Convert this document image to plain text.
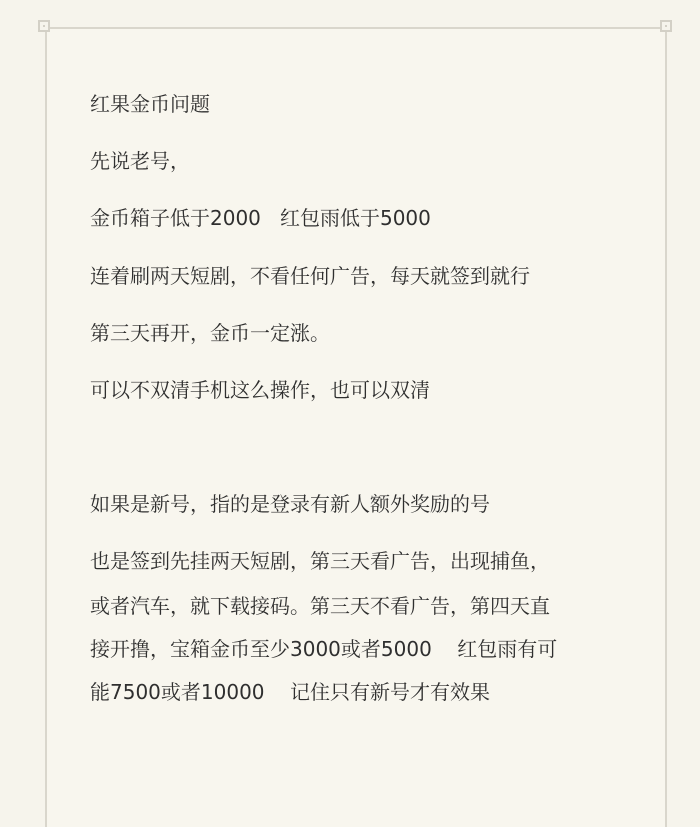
红果金币问题
先说老号，
金币箱子低于2000   红包雨低于5000
连着刷两天短剧，不看任何广告，每天就签到就行
第三天再开，金币一定涨。
可以不双清手机这么操作，也可以双清
如果是新号，指的是登录有新人额外奖励的号
也是签到先挂两天短剧，第三天看广告，出现捕鱼，
或者汽车，就下载接码。第三天不看广告，第四天直
接开撸，宝箱金币至少3000或者5000    红包雨有可
能7500或者10000    记住只有新号才有效果
